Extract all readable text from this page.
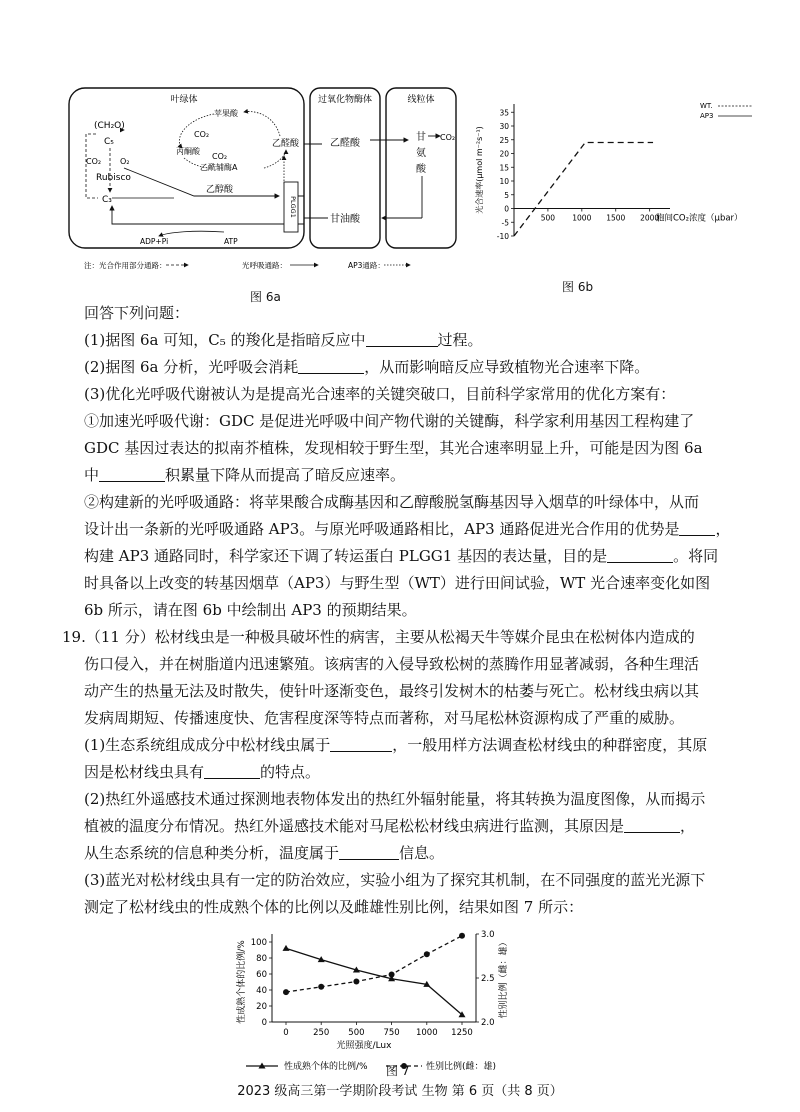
叶绿体	过氧化物酶体	线粒体
(CH₂O)
C₅
CO₂ O₂
Rubisco
C₃
乙醇酸
苹果酸
CO₂
丙酮酸
CO₂
乙酰辅酶A
乙醛酸
PLGG1
乙醛酸
甘
氨
酸
CO₂
甘油酸
ADP+Pi	ATP
注：光合作用部分通路：	光呼吸通路：	AP3通路：
图 6a
-10
-5
0
5
10
15
20
25
30
35
500 1000 1500 2000
胞间CO₂浓度（μbar）
光合速率(μmol m⁻²s⁻¹)
WT.
AP3
图 6b

回答下列问题：

(1)据图 6a 可知，C₅ 的羧化是指暗反应中	过程。

(2)据图 6a 分析，光呼吸会消耗	，从而影响暗反应导致植物光合速率下降。

(3)优化光呼吸代谢被认为是提高光合速率的关键突破口，目前科学家常用的优化方案有：

①加速光呼吸代谢：GDC 是促进光呼吸中间产物代谢的关键酶，科学家利用基因工程构建了

GDC 基因过表达的拟南芥植株，发现相较于野生型，其光合速率明显上升，可能是因为图 6a

中	积累量下降从而提高了暗反应速率。

②构建新的光呼吸通路：将苹果酸合成酶基因和乙醇酸脱氢酶基因导入烟草的叶绿体中，从而

设计出一条新的光呼吸通路 AP3。与原光呼吸通路相比，AP3 通路促进光合作用的优势是 ，

构建 AP3 通路同时，科学家还下调了转运蛋白 PLGG1 基因的表达量，目的是	。将同

时具备以上改变的转基因烟草（AP3）与野生型（WT）进行田间试验，WT 光合速率变化如图

6b 所示，请在图 6b 中绘制出 AP3 的预期结果。

19.（11 分）松材线虫是一种极具破坏性的病害，主要从松褐天牛等媒介昆虫在松树体内造成的

伤口侵入，并在树脂道内迅速繁殖。该病害的入侵导致松树的蒸腾作用显著减弱，各种生理活

动产生的热量无法及时散失，使针叶逐渐变色，最终引发树木的枯萎与死亡。松材线虫病以其

发病周期短、传播速度快、危害程度深等特点而著称，对马尾松林资源构成了严重的威胁。

(1)生态系统组成成分中松材线虫属于	，一般用样方法调查松材线虫的种群密度，其原

因是松材线虫具有	的特点。

(2)热红外遥感技术通过探测地表物体发出的热红外辐射能量，将其转换为温度图像，从而揭示

植被的温度分布情况。热红外遥感技术能对马尾松松材线虫病进行监测，其原因是	，

从生态系统的信息种类分析，温度属于	信息。

(3)蓝光对松材线虫具有一定的防治效应，实验小组为了探究其机制，在不同强度的蓝光光源下

测定了松材线虫的性成熟个体的比例以及雌雄性别比例，结果如图 7 所示：

0
20
40
60
80
100
2.0
2.5
3.0
0	250 500 750 1000 1250
光照强度/Lux
性成熟个体的比例/%	性别比例（雌：雄）
性成熟个体的比例/%	性别比例(雌：雄)
图 7
2023 级高三第一学期阶段考试 生物 第 6 页（共 8 页）
